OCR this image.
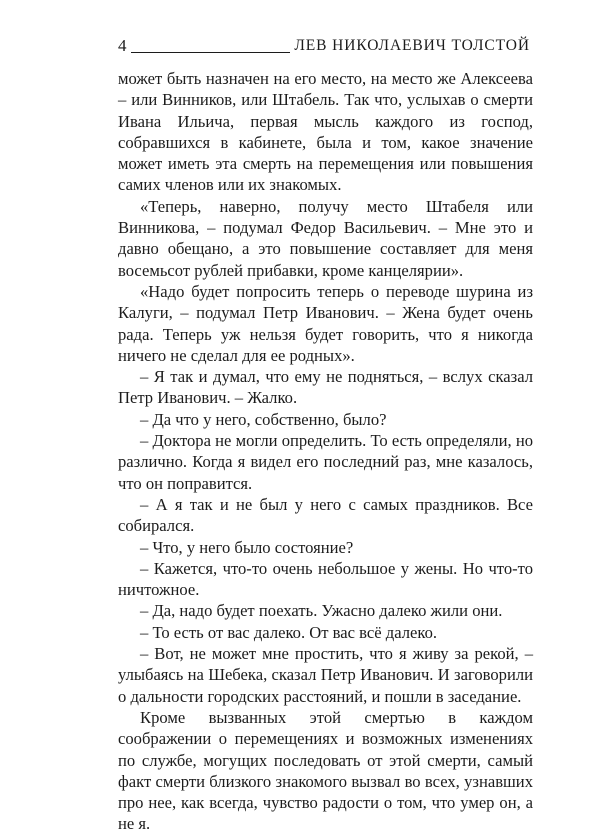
4	ЛЕВ НИКОЛАЕВИЧ ТОЛСТОЙ

может быть назначен на его место, на место же Алексеева – или Винников, или Штабель. Так что, услыхав о смерти Ивана Ильича, первая мысль каждого из господ, собравшихся в кабинете, была и том, какое значение может иметь эта смерть на перемещения или повышения самих членов или их знакомых.

«Теперь, наверно, получу место Штабеля или Винникова, – подумал Федор Васильевич. – Мне это и давно обещано, а это повышение составляет для меня восемьсот рублей прибавки, кроме канцелярии».

«Надо будет попросить теперь о переводе шурина из Калуги, – подумал Петр Иванович. – Жена будет очень рада. Теперь уж нельзя будет говорить, что я никогда ничего не сделал для ее родных».

– Я так и думал, что ему не подняться, – вслух сказал Петр Иванович. – Жалко.

– Да что у него, собственно, было?

– Доктора не могли определить. То есть определяли, но различно. Когда я видел его последний раз, мне казалось, что он поправится.

– А я так и не был у него с самых праздников. Все собирался.

– Что, у него было состояние?

– Кажется, что-то очень небольшое у жены. Но что-то ничтожное.

– Да, надо будет поехать. Ужасно далеко жили они.

– То есть от вас далеко. От вас всё далеко.

– Вот, не может мне простить, что я живу за рекой, – улыбаясь на Шебека, сказал Петр Иванович. И заговорили о дальности городских расстояний, и пошли в заседание.

Кроме вызванных этой смертью в каждом соображении о перемещениях и возможных изменениях по службе, могущих последовать от этой смерти, самый факт смерти близкого знакомого вызвал во всех, узнавших про нее, как всегда, чувство радости о том, что умер он, а не я.
